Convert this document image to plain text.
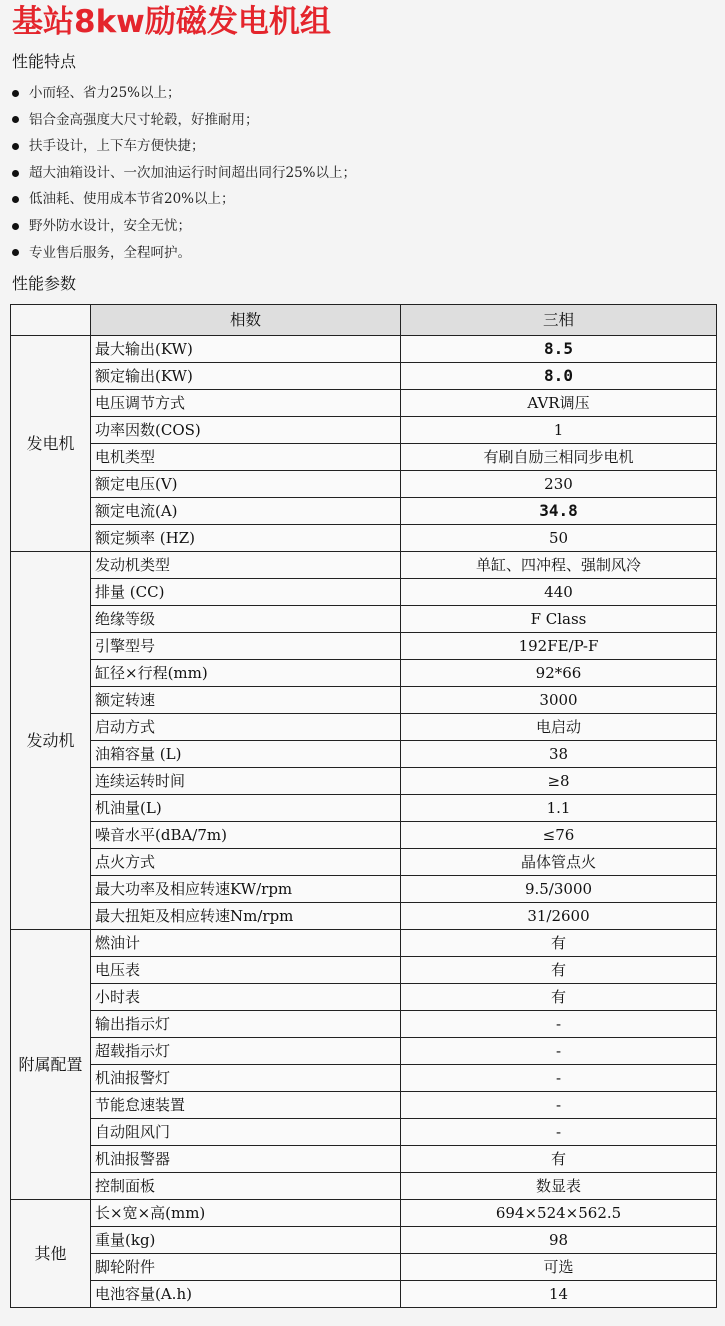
基站8kw励磁发电机组
性能特点
小而轻、省力25%以上；
铝合金高强度大尺寸轮毂，好推耐用；
扶手设计，上下车方便快捷；
超大油箱设计、一次加油运行时间超出同行25%以上；
低油耗、使用成本节省20%以上；
野外防水设计，安全无忧；
专业售后服务，全程呵护。
性能参数
	相数	三相
发电机	最大输出(KW)	8.5
	额定输出(KW)	8.0
	电压调节方式	AVR调压
	功率因数(COS)	1
	电机类型	有刷自励三相同步电机
	额定电压(V)	230
	额定电流(A)	34.8
	额定频率 (HZ)	50
发动机	发动机类型	单缸、四冲程、强制风冷
	排量 (CC)	440
	绝缘等级	F Class
	引擎型号	192FE/P-F
	缸径×行程(mm)	92*66
	额定转速	3000
	启动方式	电启动
	油箱容量 (L)	38
	连续运转时间	≥8
	机油量(L)	1.1
	噪音水平(dBA/7m)	≤76
	点火方式	晶体管点火
	最大功率及相应转速KW/rpm	9.5/3000
	最大扭矩及相应转速Nm/rpm	31/2600
附属配置	燃油计	有
	电压表	有
	小时表	有
	输出指示灯	-
	超载指示灯	-
	机油报警灯	-
	节能怠速装置	-
	自动阻风门	-
	机油报警器	有
	控制面板	数显表
其他	长×宽×高(mm)	694×524×562.5
	重量(kg)	98
	脚轮附件	可选
	电池容量(A.h)	14
